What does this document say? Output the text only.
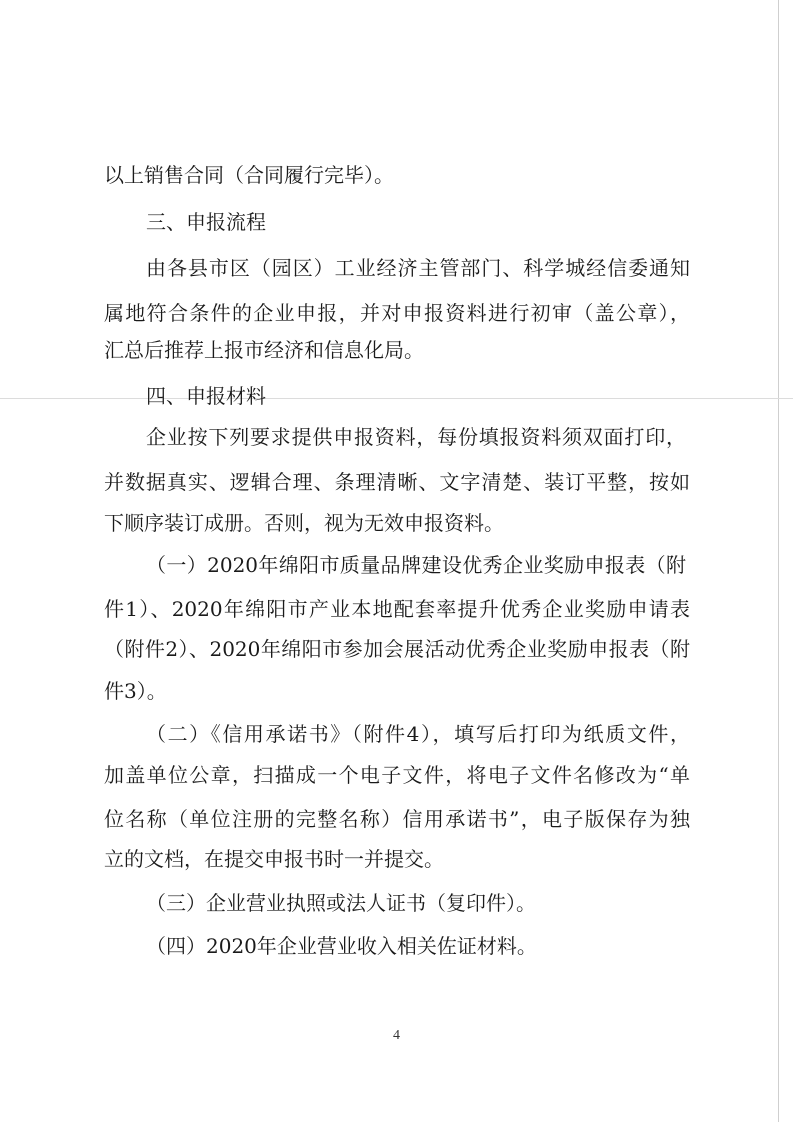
以上销售合同（合同履行完毕）。
三、申报流程
由各县市区（园区）工业经济主管部门、科学城经信委通知
属地符合条件的企业申报，并对申报资料进行初审（盖公章），
汇总后推荐上报市经济和信息化局。
四、申报材料
企业按下列要求提供申报资料，每份填报资料须双面打印，
并数据真实、逻辑合理、条理清晰、文字清楚、装订平整，按如
下顺序装订成册。否则，视为无效申报资料。
（一）2020年绵阳市质量品牌建设优秀企业奖励申报表（附
件1）、2020年绵阳市产业本地配套率提升优秀企业奖励申请表
（附件2）、2020年绵阳市参加会展活动优秀企业奖励申报表（附
件3）。
（二）《信用承诺书》（附件4），填写后打印为纸质文件，
加盖单位公章，扫描成一个电子文件，将电子文件名修改为“单
位名称（单位注册的完整名称）信用承诺书”，电子版保存为独
立的文档，在提交申报书时一并提交。
（三）企业营业执照或法人证书（复印件）。
（四）2020年企业营业收入相关佐证材料。
4
